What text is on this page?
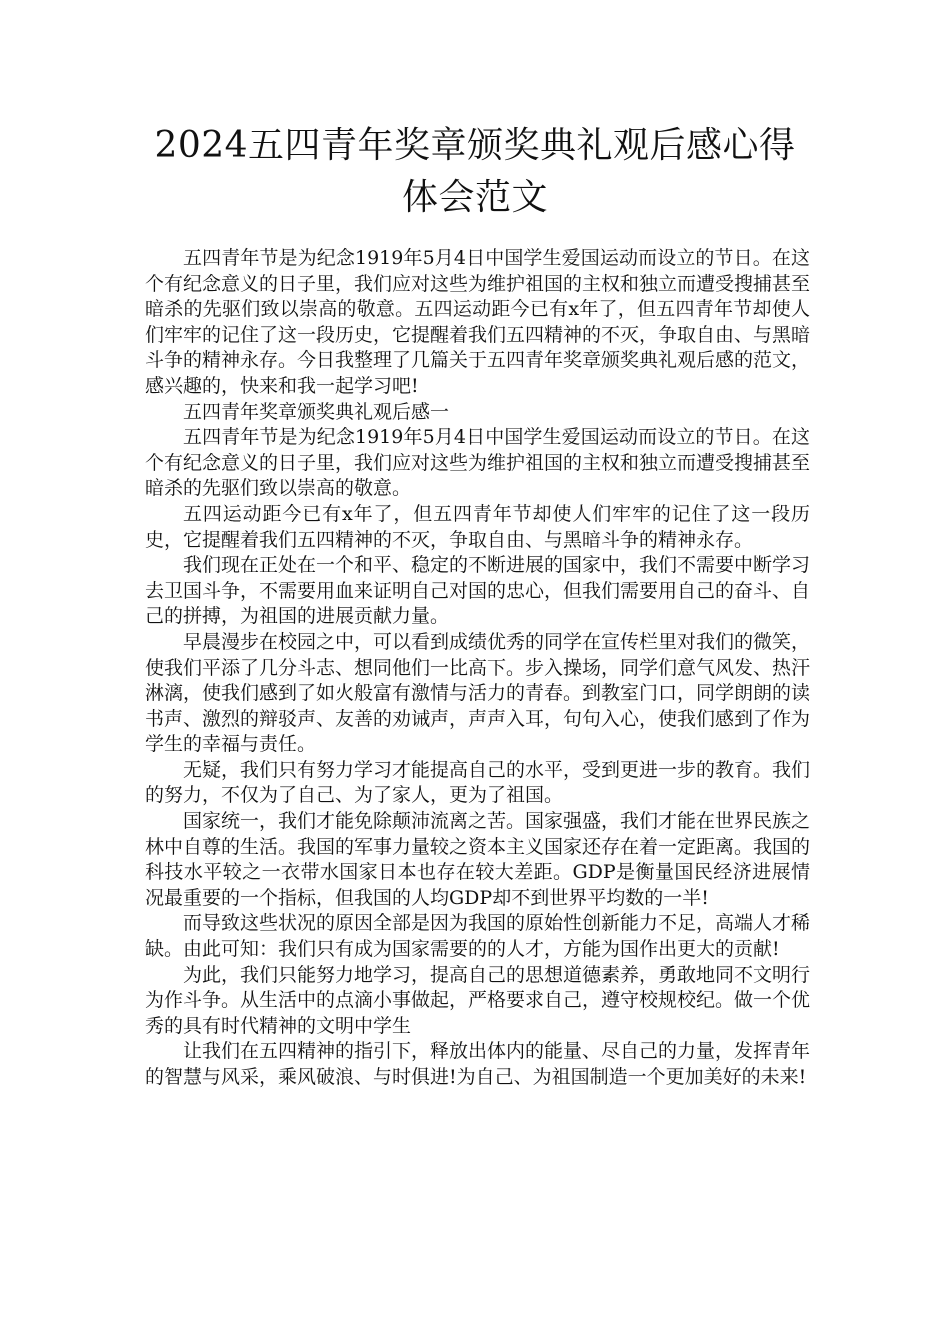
2024五四青年奖章颁奖典礼观后感心得体会范文

五四青年节是为纪念1919年5月4日中国学生爱国运动而设立的节日。在这个有纪念意义的日子里，我们应对这些为维护祖国的主权和独立而遭受搜捕甚至暗杀的先驱们致以崇高的敬意。五四运动距今已有x年了，但五四青年节却使人们牢牢的记住了这一段历史，它提醒着我们五四精神的不灭，争取自由、与黑暗斗争的精神永存。今日我整理了几篇关于五四青年奖章颁奖典礼观后感的范文，感兴趣的，快来和我一起学习吧!

五四青年奖章颁奖典礼观后感一

五四青年节是为纪念1919年5月4日中国学生爱国运动而设立的节日。在这个有纪念意义的日子里，我们应对这些为维护祖国的主权和独立而遭受搜捕甚至暗杀的先驱们致以崇高的敬意。

五四运动距今已有x年了，但五四青年节却使人们牢牢的记住了这一段历史，它提醒着我们五四精神的不灭，争取自由、与黑暗斗争的精神永存。

我们现在正处在一个和平、稳定的不断进展的国家中，我们不需要中断学习去卫国斗争，不需要用血来证明自己对国的忠心，但我们需要用自己的奋斗、自己的拼搏，为祖国的进展贡献力量。

早晨漫步在校园之中，可以看到成绩优秀的同学在宣传栏里对我们的微笑，使我们平添了几分斗志、想同他们一比高下。步入操场，同学们意气风发、热汗淋漓，使我们感到了如火般富有激情与活力的青春。到教室门口，同学朗朗的读书声、激烈的辩驳声、友善的劝诫声，声声入耳，句句入心，使我们感到了作为学生的幸福与责任。

无疑，我们只有努力学习才能提高自己的水平，受到更进一步的教育。我们的努力，不仅为了自己、为了家人，更为了祖国。

国家统一，我们才能免除颠沛流离之苦。国家强盛，我们才能在世界民族之林中自尊的生活。我国的军事力量较之资本主义国家还存在着一定距离。我国的科技水平较之一衣带水国家日本也存在较大差距。GDP是衡量国民经济进展情况最重要的一个指标，但我国的人均GDP却不到世界平均数的一半!

而导致这些状况的原因全部是因为我国的原始性创新能力不足，高端人才稀缺。由此可知：我们只有成为国家需要的的人才，方能为国作出更大的贡献!

为此，我们只能努力地学习，提高自己的思想道德素养，勇敢地同不文明行为作斗争。从生活中的点滴小事做起，严格要求自己，遵守校规校纪。做一个优秀的具有时代精神的文明中学生

让我们在五四精神的指引下，释放出体内的能量、尽自己的力量，发挥青年的智慧与风采，乘风破浪、与时俱进!为自己、为祖国制造一个更加美好的未来!
